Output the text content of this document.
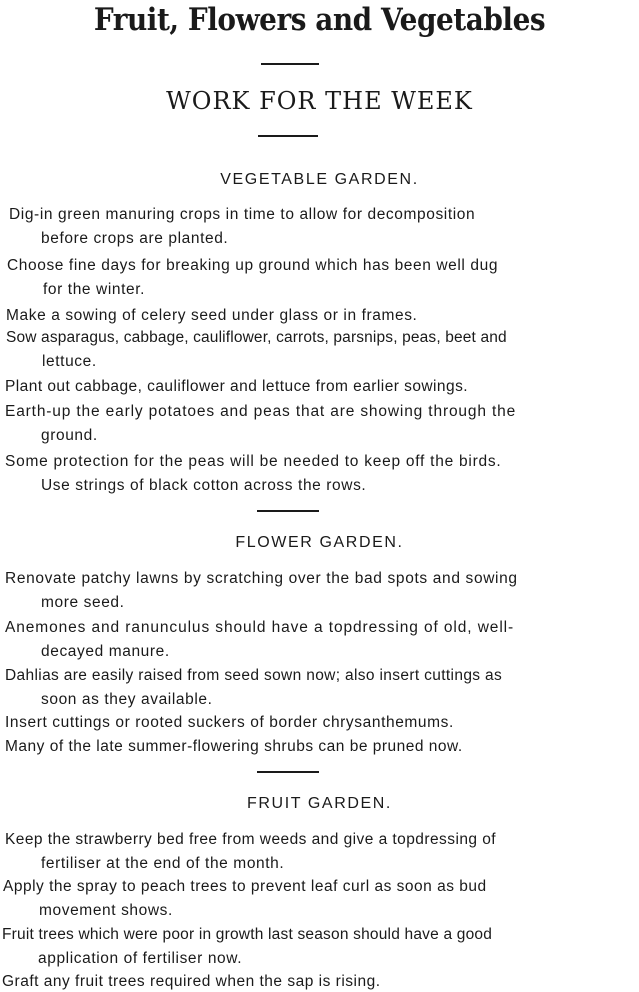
Fruit, Flowers and Vegetables
WORK FOR THE WEEK
VEGETABLE GARDEN.
Dig-in green manuring crops in time to allow for decomposition
before crops are planted.
Choose fine days for breaking up ground which has been well dug
for the winter.
Make a sowing of celery seed under glass or in frames.
Sow asparagus, cabbage, cauliflower, carrots, parsnips, peas, beet and
lettuce.
Plant out cabbage, cauliflower and lettuce from earlier sowings.
Earth-up the early potatoes and peas that are showing through the
ground.
Some protection for the peas will be needed to keep off the birds.
Use strings of black cotton across the rows.
FLOWER GARDEN.
Renovate patchy lawns by scratching over the bad spots and sowing
more seed.
Anemones and ranunculus should have a topdressing of old, well-
decayed manure.
Dahlias are easily raised from seed sown now; also insert cuttings as
soon as they available.
Insert cuttings or rooted suckers of border chrysanthemums.
Many of the late summer-flowering shrubs can be pruned now.
FRUIT GARDEN.
Keep the strawberry bed free from weeds and give a topdressing of
fertiliser at the end of the month.
Apply the spray to peach trees to prevent leaf curl as soon as bud
movement shows.
Fruit trees which were poor in growth last season should have a good
application of fertiliser now.
Graft any fruit trees required when the sap is rising.
